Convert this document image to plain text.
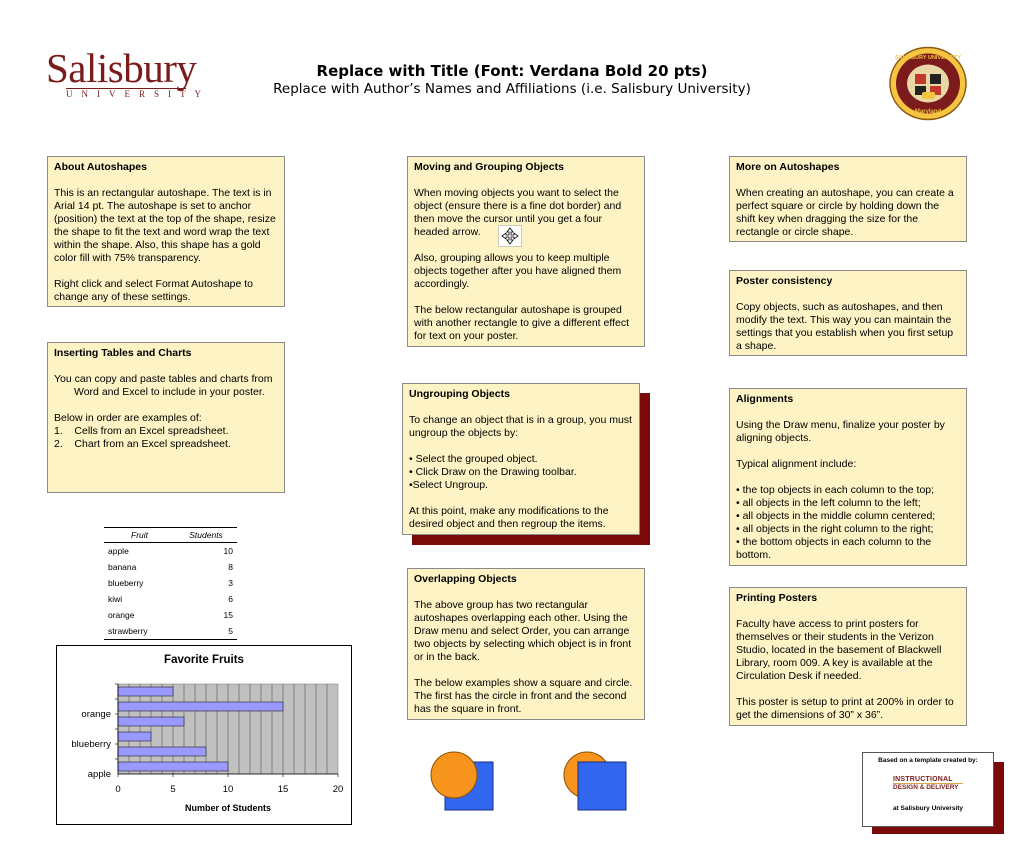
Salisbury
UNIVERSITY
Replace with Title (Font: Verdana Bold 20 pts)
Replace with Author’s Names and Affiliations (i.e. Salisbury University)
SALISBURY UNIVERSITY
Maryland
About Autoshapes

This is an rectangular autoshape. The text is in Arial 14 pt. The autoshape is set to anchor (position) the text at the top of the shape, resize the shape to fit the text and word wrap the text within the shape. Also, this shape has a gold color fill with 75% transparency.

Right click and select Format Autoshape to change any of these settings.

Inserting Tables and Charts

You can copy and paste tables and charts from Word and Excel to include in your poster.

Below in order are examples of:
1.    Cells from an Excel spreadsheet.
2.    Chart from an Excel spreadsheet.
Fruit	Students
apple	10
banana	8
blueberry	3
kiwi	6
orange	15
strawberry	5
Favorite Fruits
apple
blueberry
orange
0	5	10	15	20
Number of Students
Moving and Grouping Objects

When moving objects you want to select the object (ensure there is a fine dot border) and then move the cursor until you get a four headed arrow.

Also, grouping allows you to keep multiple objects together after you have aligned them accordingly.

The below rectangular autoshape is grouped with another rectangle to give a different effect for text on your poster.

Ungrouping Objects

To change an object that is in a group, you must ungroup the objects by:

• Select the grouped object.
• Click Draw on the Drawing toolbar.
•Select Ungroup.

At this point, make any modifications to the desired object and then regroup the items.

Overlapping Objects

The above group has two rectangular autoshapes overlapping each other. Using the Draw menu and select Order, you can arrange two objects by selecting which object is in front or in the back.

The below examples show a square and circle. The first has the circle in front and the second has the square in front.

More on Autoshapes

When creating an autoshape, you can create a perfect square or circle by holding down the shift key when dragging the size for the rectangle or circle shape.

Poster consistency

Copy objects, such as autoshapes, and then modify the text. This way you can maintain the settings that you establish when you first setup a shape.

Alignments

Using the Draw menu, finalize your poster by aligning objects.

Typical alignment include:

• the top objects in each column to the top;
• all objects in the left column to the left;
• all objects in the middle column centered;
• all objects in the right column to the right;
• the bottom objects in each column to the bottom.
Printing Posters

Faculty have access to print posters for themselves or their students in the Verizon Studio, located in the basement of Blackwell Library, room 009. A key is available at the Circulation Desk if needed.

This poster is setup to print at 200% in order to get the dimensions of 30” x 36”.

Based on a template created by:
INSTRUCTIONAL
DESIGN & DELIVERY
at Salisbury University
